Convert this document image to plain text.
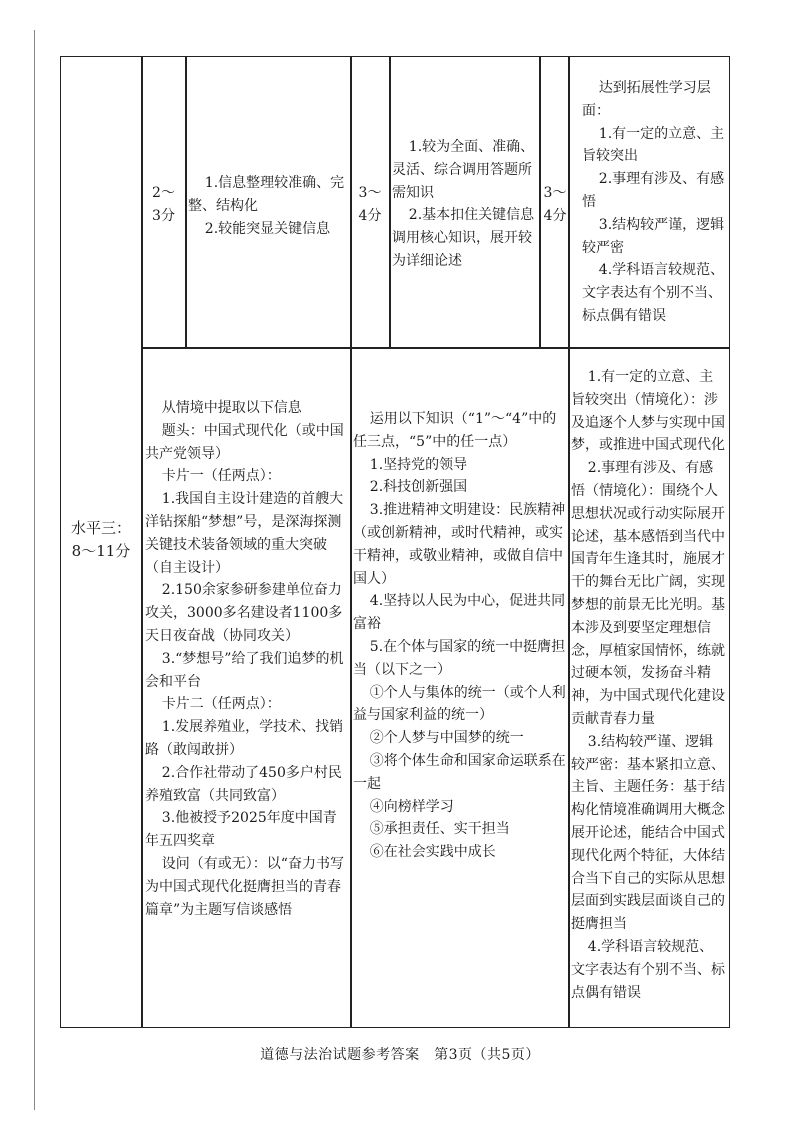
水平三：8～11分
2～3分

1.信息整理较准确、完整、结构化

2.较能突显关键信息

3～4分

1.较为全面、准确、灵活、综合调用答题所需知识

2.基本扣住关键信息调用核心知识，展开较为详细论述

3～4分

达到拓展性学习层面：

1.有一定的立意、主旨较突出

2.事理有涉及、有感悟

3.结构较严谨，逻辑较严密

4.学科语言较规范、文字表达有个别不当、标点偶有错误

从情境中提取以下信息

题头：中国式现代化（或中国共产党领导）

卡片一（任两点）：

1.我国自主设计建造的首艘大洋钻探船“梦想”号，是深海探测关键技术装备领域的重大突破（自主设计）

2.150余家参研参建单位奋力攻关，3000多名建设者1100多天日夜奋战（协同攻关）

3.“梦想号”给了我们追梦的机会和平台

卡片二（任两点）：

1.发展养殖业，学技术、找销路（敢闯敢拼）

2.合作社带动了450多户村民养殖致富（共同致富）

3.他被授予2025年度中国青年五四奖章

设问（有或无）：以“奋力书写为中国式现代化挺膺担当的青春篇章”为主题写信谈感悟

运用以下知识（“1”～“4”中的任三点，“5”中的任一点）

1.坚持党的领导

2.科技创新强国

3.推进精神文明建设：民族精神（或创新精神，或时代精神，或实干精神，或敬业精神，或做自信中国人）

4.坚持以人民为中心，促进共同富裕

5.在个体与国家的统一中挺膺担当（以下之一）

①个人与集体的统一（或个人利益与国家利益的统一）

②个人梦与中国梦的统一

③将个体生命和国家命运联系在一起

④向榜样学习

⑤承担责任、实干担当

⑥在社会实践中成长

1.有一定的立意、主旨较突出（情境化）：涉及追逐个人梦与实现中国梦，或推进中国式现代化

2.事理有涉及、有感悟（情境化）：围绕个人思想状况或行动实际展开论述，基本感悟到当代中国青年生逢其时，施展才干的舞台无比广阔，实现梦想的前景无比光明。基本涉及到要坚定理想信念，厚植家国情怀，练就过硬本领，发扬奋斗精神，为中国式现代化建设贡献青春力量

3.结构较严谨、逻辑较严密：基本紧扣立意、主旨、主题任务：基于结构化情境准确调用大概念展开论述，能结合中国式现代化两个特征，大体结合当下自己的实际从思想层面到实践层面谈自己的挺膺担当

4.学科语言较规范、文字表达有个别不当、标点偶有错误

道德与法治试题参考答案　第3页（共5页）
